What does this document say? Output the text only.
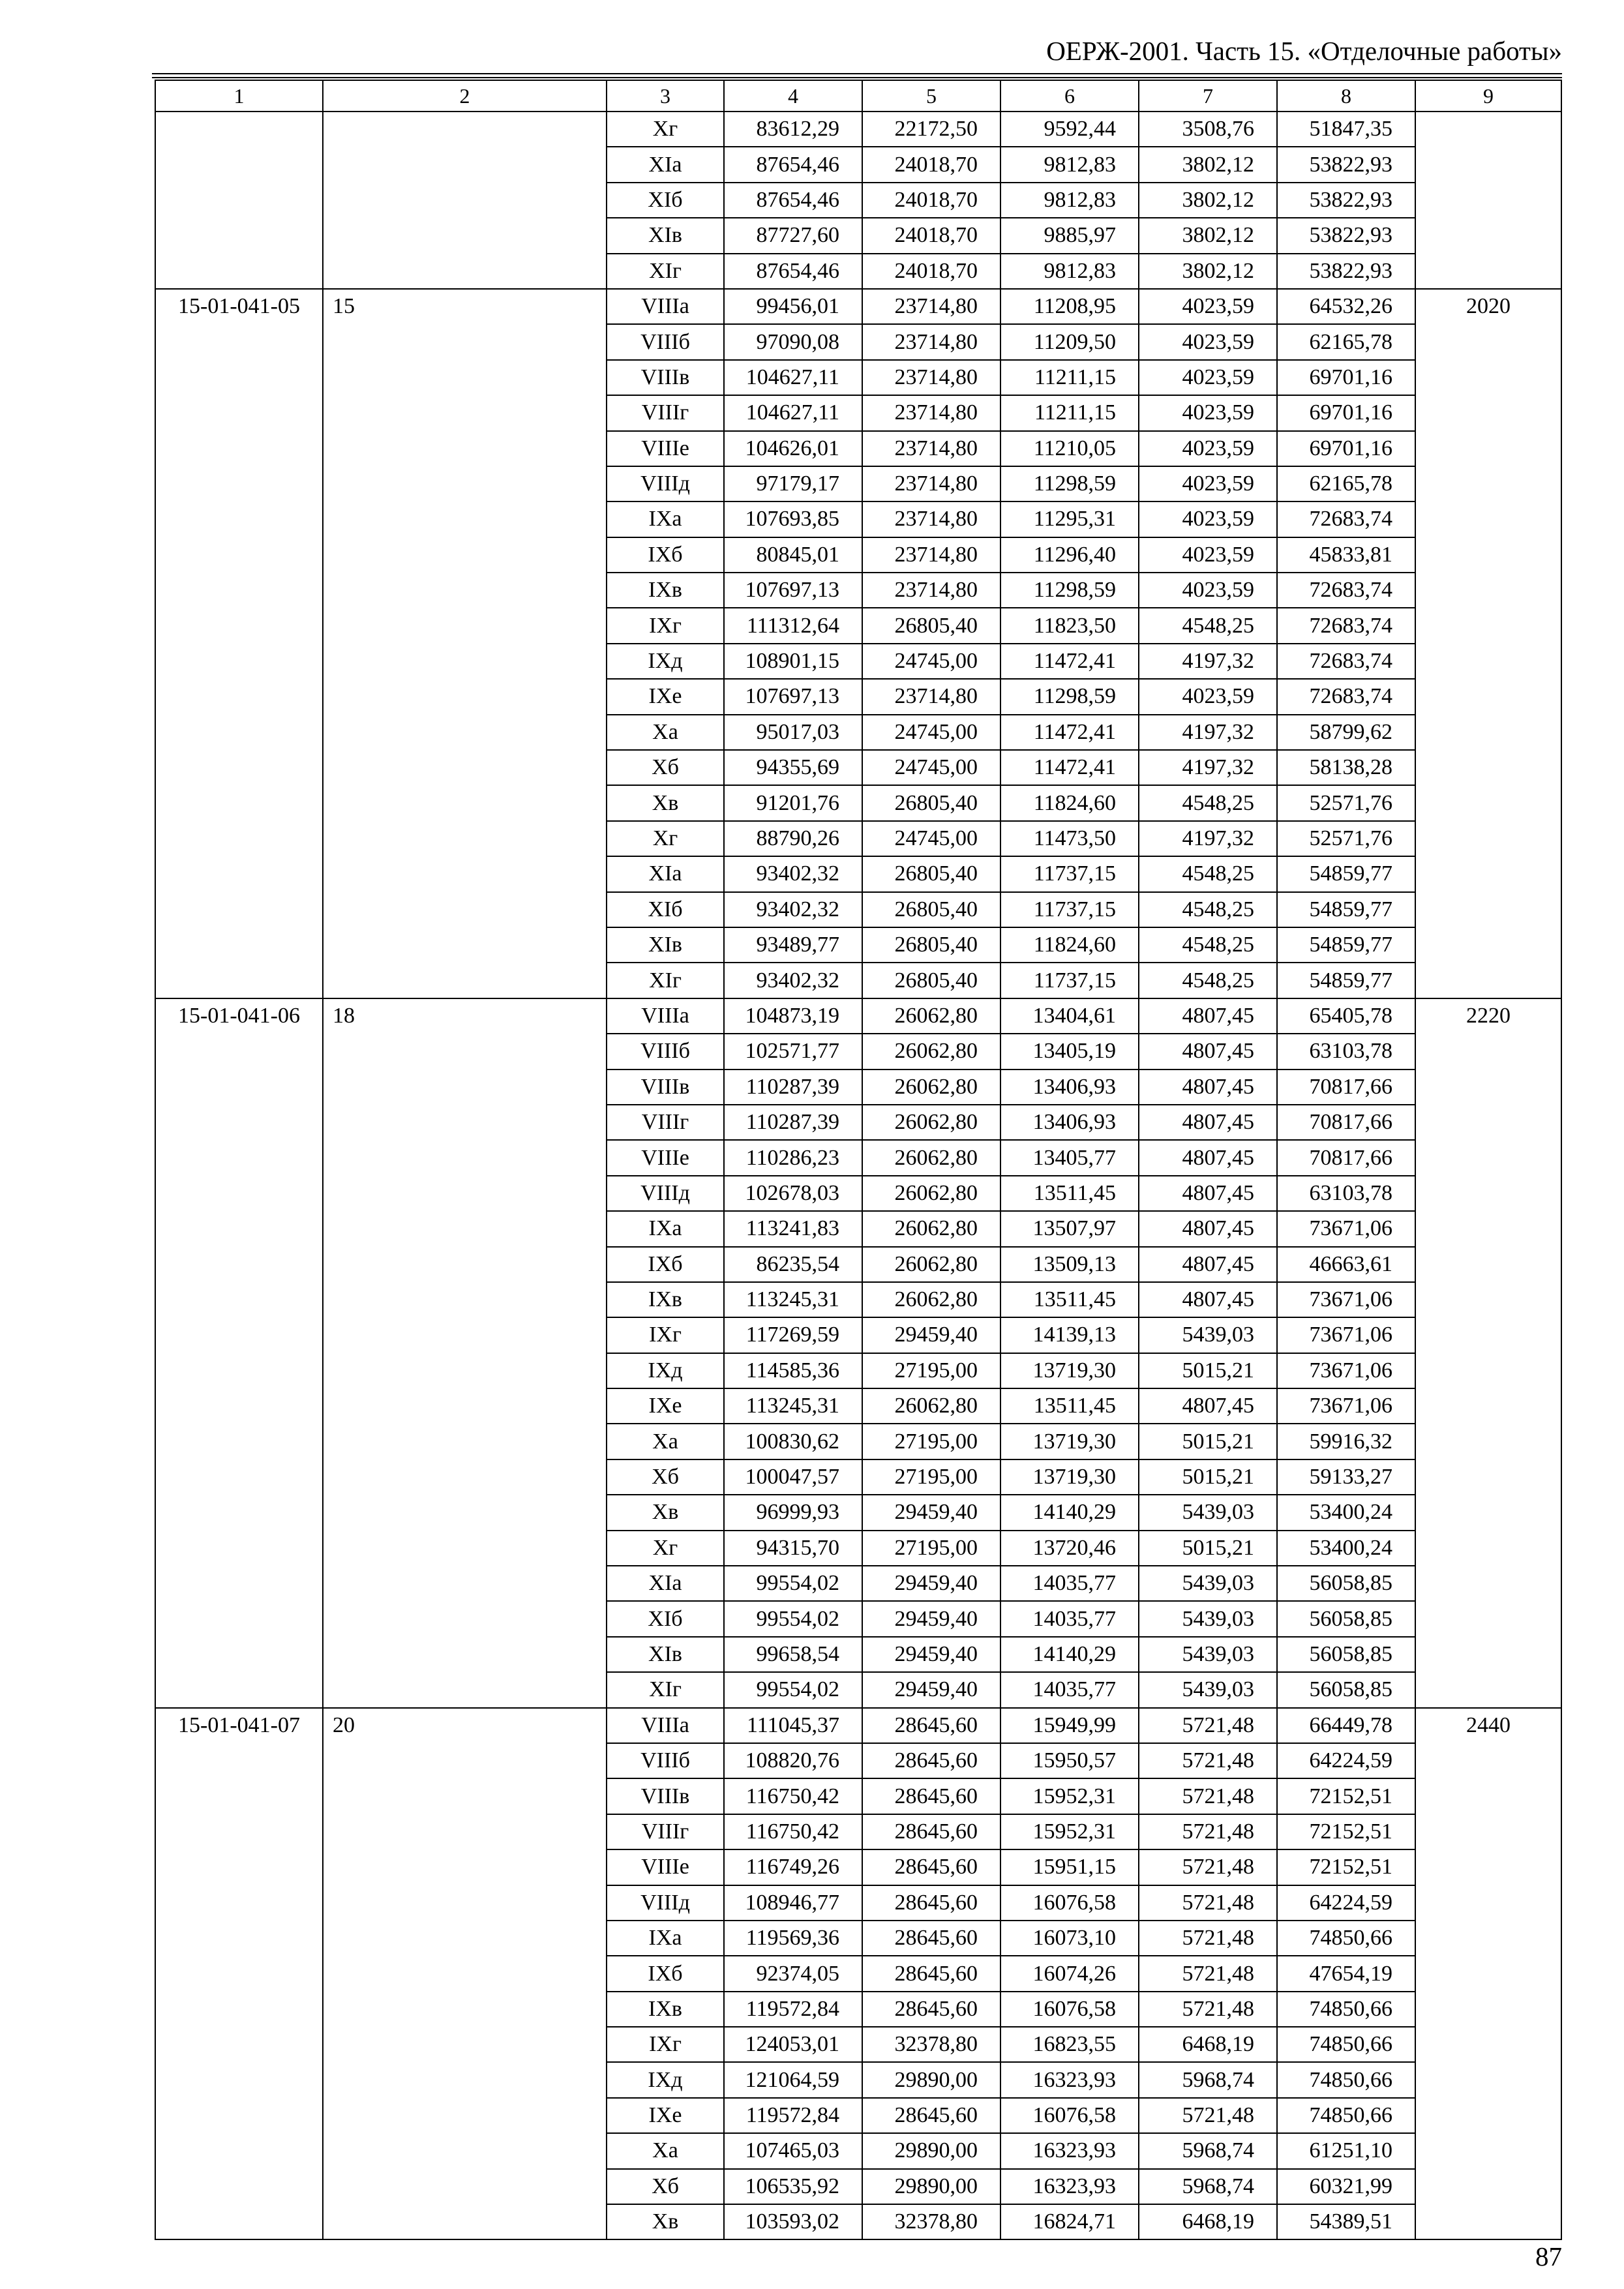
ОЕРЖ-2001. Часть 15. «Отделочные работы»
1	2	3	4	5	6	7	8	9
		Xг	83612,29	22172,50	9592,44	3508,76	51847,35	
		XIa	87654,46	24018,70	9812,83	3802,12	53822,93	
		XIб	87654,46	24018,70	9812,83	3802,12	53822,93	
		XIв	87727,60	24018,70	9885,97	3802,12	53822,93	
		XIг	87654,46	24018,70	9812,83	3802,12	53822,93	
15-01-041-05	15	VIIIa	99456,01	23714,80	11208,95	4023,59	64532,26	2020
		VIIIб	97090,08	23714,80	11209,50	4023,59	62165,78	
		VIIIв	104627,11	23714,80	11211,15	4023,59	69701,16	
		VIIIг	104627,11	23714,80	11211,15	4023,59	69701,16	
		VIIIe	104626,01	23714,80	11210,05	4023,59	69701,16	
		VIIIд	97179,17	23714,80	11298,59	4023,59	62165,78	
		IXa	107693,85	23714,80	11295,31	4023,59	72683,74	
		IXб	80845,01	23714,80	11296,40	4023,59	45833,81	
		IXв	107697,13	23714,80	11298,59	4023,59	72683,74	
		IXг	111312,64	26805,40	11823,50	4548,25	72683,74	
		IXд	108901,15	24745,00	11472,41	4197,32	72683,74	
		IXe	107697,13	23714,80	11298,59	4023,59	72683,74	
		Xa	95017,03	24745,00	11472,41	4197,32	58799,62	
		Xб	94355,69	24745,00	11472,41	4197,32	58138,28	
		Xв	91201,76	26805,40	11824,60	4548,25	52571,76	
		Xг	88790,26	24745,00	11473,50	4197,32	52571,76	
		XIa	93402,32	26805,40	11737,15	4548,25	54859,77	
		XIб	93402,32	26805,40	11737,15	4548,25	54859,77	
		XIв	93489,77	26805,40	11824,60	4548,25	54859,77	
		XIг	93402,32	26805,40	11737,15	4548,25	54859,77	
15-01-041-06	18	VIIIa	104873,19	26062,80	13404,61	4807,45	65405,78	2220
		VIIIб	102571,77	26062,80	13405,19	4807,45	63103,78	
		VIIIв	110287,39	26062,80	13406,93	4807,45	70817,66	
		VIIIг	110287,39	26062,80	13406,93	4807,45	70817,66	
		VIIIe	110286,23	26062,80	13405,77	4807,45	70817,66	
		VIIIд	102678,03	26062,80	13511,45	4807,45	63103,78	
		IXa	113241,83	26062,80	13507,97	4807,45	73671,06	
		IXб	86235,54	26062,80	13509,13	4807,45	46663,61	
		IXв	113245,31	26062,80	13511,45	4807,45	73671,06	
		IXг	117269,59	29459,40	14139,13	5439,03	73671,06	
		IXд	114585,36	27195,00	13719,30	5015,21	73671,06	
		IXe	113245,31	26062,80	13511,45	4807,45	73671,06	
		Xa	100830,62	27195,00	13719,30	5015,21	59916,32	
		Xб	100047,57	27195,00	13719,30	5015,21	59133,27	
		Xв	96999,93	29459,40	14140,29	5439,03	53400,24	
		Xг	94315,70	27195,00	13720,46	5015,21	53400,24	
		XIa	99554,02	29459,40	14035,77	5439,03	56058,85	
		XIб	99554,02	29459,40	14035,77	5439,03	56058,85	
		XIв	99658,54	29459,40	14140,29	5439,03	56058,85	
		XIг	99554,02	29459,40	14035,77	5439,03	56058,85	
15-01-041-07	20	VIIIa	111045,37	28645,60	15949,99	5721,48	66449,78	2440
		VIIIб	108820,76	28645,60	15950,57	5721,48	64224,59	
		VIIIв	116750,42	28645,60	15952,31	5721,48	72152,51	
		VIIIг	116750,42	28645,60	15952,31	5721,48	72152,51	
		VIIIe	116749,26	28645,60	15951,15	5721,48	72152,51	
		VIIIд	108946,77	28645,60	16076,58	5721,48	64224,59	
		IXa	119569,36	28645,60	16073,10	5721,48	74850,66	
		IXб	92374,05	28645,60	16074,26	5721,48	47654,19	
		IXв	119572,84	28645,60	16076,58	5721,48	74850,66	
		IXг	124053,01	32378,80	16823,55	6468,19	74850,66	
		IXд	121064,59	29890,00	16323,93	5968,74	74850,66	
		IXe	119572,84	28645,60	16076,58	5721,48	74850,66	
		Xa	107465,03	29890,00	16323,93	5968,74	61251,10	
		Xб	106535,92	29890,00	16323,93	5968,74	60321,99	
		Xв	103593,02	32378,80	16824,71	6468,19	54389,51	
87
